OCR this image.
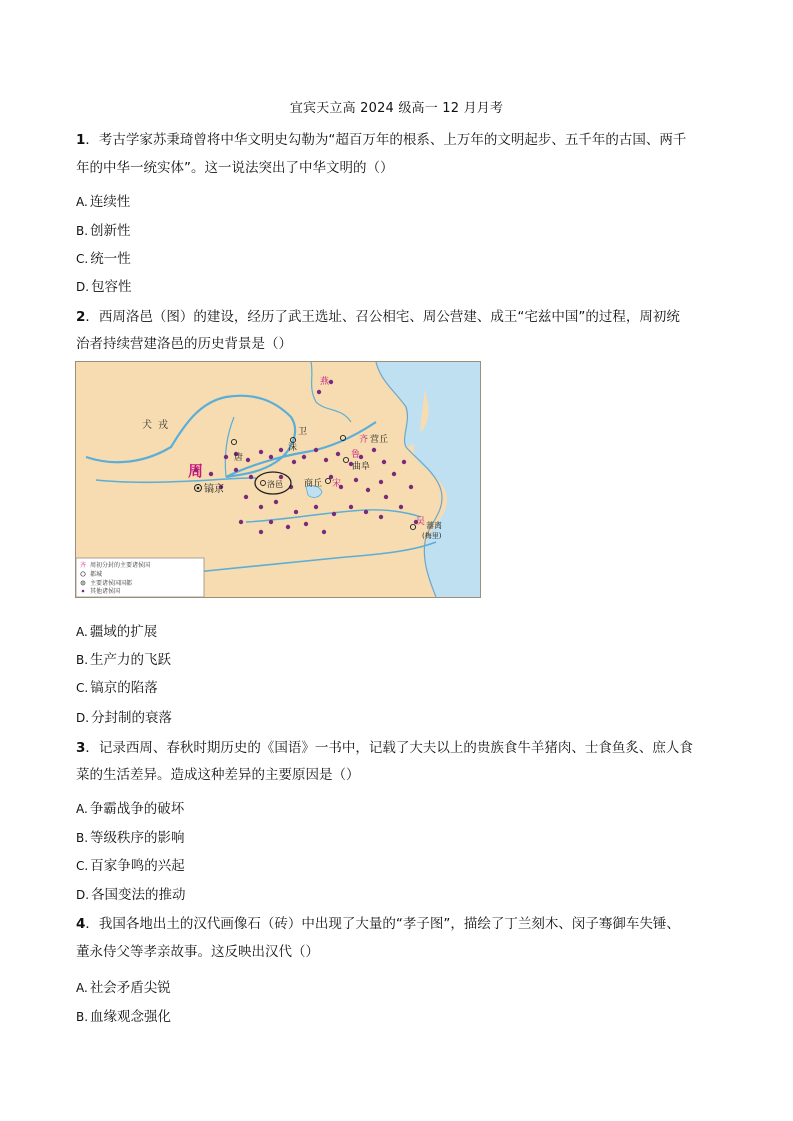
宜宾天立高 2024 级高一 12 月月考
1．考古学家苏秉琦曾将中华文明史勾勒为“超百万年的根系、上万年的文明起步、五千年的古国、两千
年的中华一统实体”。这一说法突出了中华文明的（）
A. 连续性
B. 创新性
C. 统一性
D. 包容性
2．西周洛邑（图）的建设，经历了武王选址、召公相宅、周公营建、成王“宅兹中国”的过程，周初统
治者持续营建洛邑的历史背景是（）
燕
犬戎
周
镐京
唐
卫
沬
洛邑
齐 营丘
鲁
曲阜
商丘 宋
吴 蕃离
(梅里)
齐 周初分封的主要诸侯国
都城
主要诸侯国国都
其他诸侯国
A. 疆域的扩展
B. 生产力的飞跃
C. 镐京的陷落
D. 分封制的衰落
3．记录西周、春秋时期历史的《国语》一书中，记载了大夫以上的贵族食牛羊猪肉、士食鱼炙、庶人食
菜的生活差异。造成这种差异的主要原因是（）
A. 争霸战争的破坏
B. 等级秩序的影响
C. 百家争鸣的兴起
D. 各国变法的推动
4．我国各地出土的汉代画像石（砖）中出现了大量的“孝子图”，描绘了丁兰刻木、闵子骞御车失锤、
董永侍父等孝亲故事。这反映出汉代（）
A. 社会矛盾尖锐
B. 血缘观念强化
